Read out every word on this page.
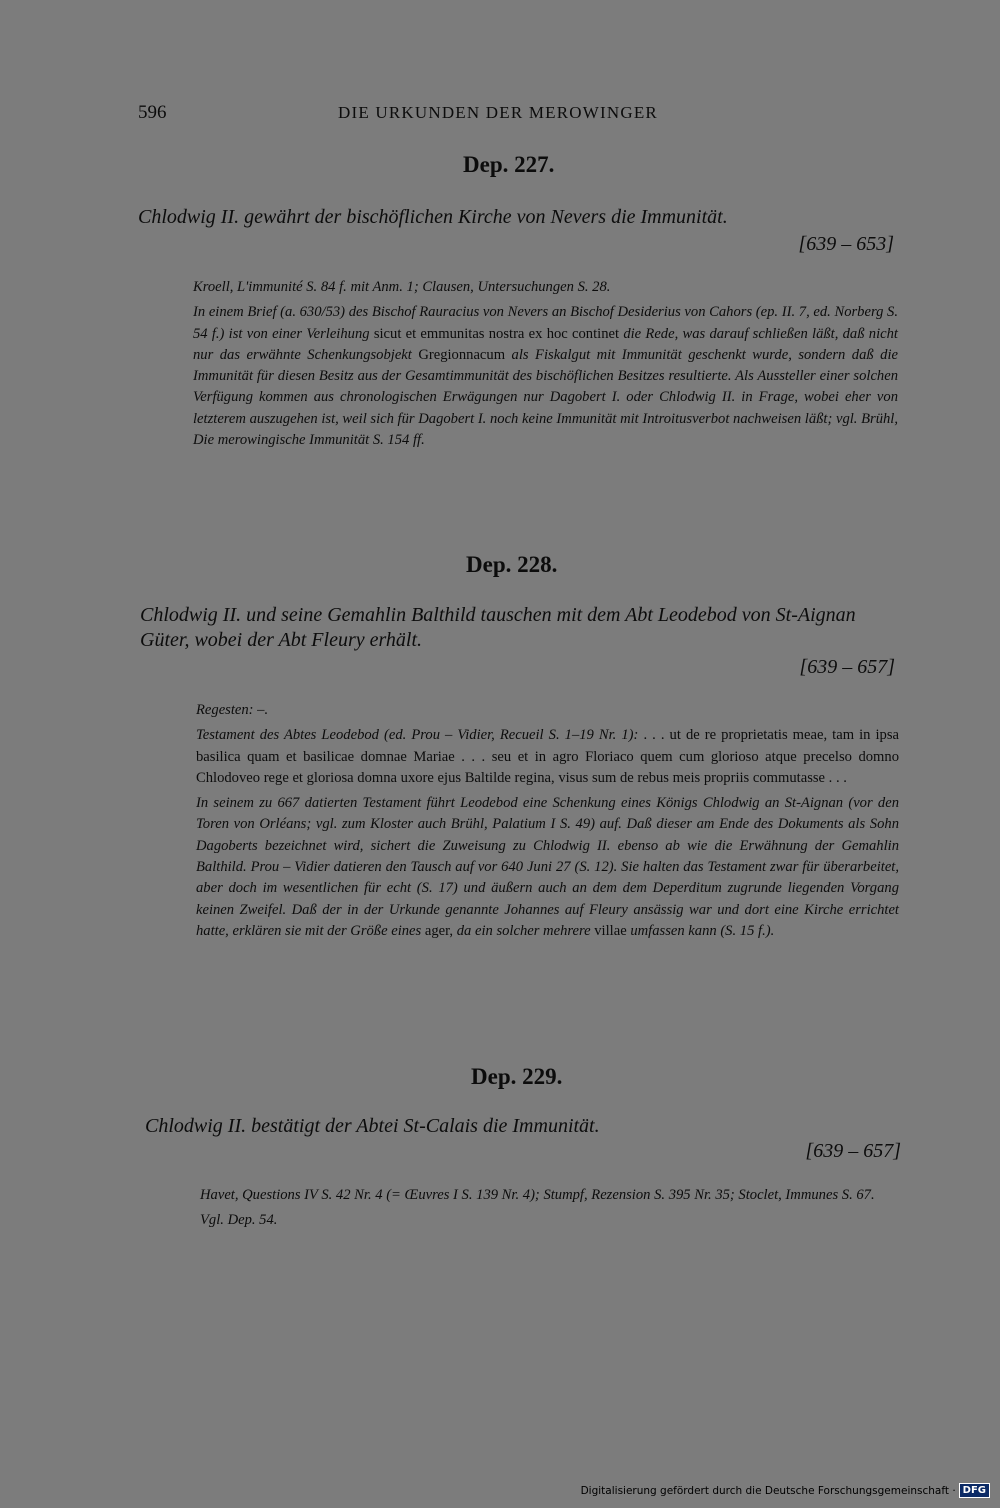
596	DIE URKUNDEN DER MEROWINGER
Dep. 227.
Chlodwig II. gewährt der bischöflichen Kirche von Nevers die Immunität.
[639 – 653]

Kroell, L'immunité S. 84 f. mit Anm. 1; Clausen, Untersuchungen S. 28.

In einem Brief (a. 630/53) des Bischof Rauracius von Nevers an Bischof Desiderius von Cahors (ep. II. 7, ed. Norberg S. 54 f.) ist von einer Verleihung sicut et emmunitas nostra ex hoc continet die Rede, was darauf schließen läßt, daß nicht nur das erwähnte Schenkungsobjekt Gregionnacum als Fiskalgut mit Immunität geschenkt wurde, sondern daß die Immunität für diesen Besitz aus der Gesamtimmunität des bischöflichen Besitzes resultierte. Als Aussteller einer solchen Verfügung kommen aus chronologischen Erwägungen nur Dagobert I. oder Chlodwig II. in Frage, wobei eher von letzterem auszugehen ist, weil sich für Dagobert I. noch keine Immunität mit Introitusverbot nachweisen läßt; vgl. Brühl, Die merowingische Immunität S. 154 ff.

Dep. 228.
Chlodwig II. und seine Gemahlin Balthild tauschen mit dem Abt Leodebod von St-Aignan Güter, wobei der Abt Fleury erhält.
[639 – 657]

Regesten: –.

Testament des Abtes Leodebod (ed. Prou – Vidier, Recueil S. 1–19 Nr. 1): . . . ut de re proprietatis meae, tam in ipsa basilica quam et basilicae domnae Mariae . . . seu et in agro Floriaco quem cum glorioso atque precelso domno Chlodoveo rege et gloriosa domna uxore ejus Baltilde regina, visus sum de rebus meis propriis commutasse . . .

In seinem zu 667 datierten Testament führt Leodebod eine Schenkung eines Königs Chlodwig an St-Aignan (vor den Toren von Orléans; vgl. zum Kloster auch Brühl, Palatium I S. 49) auf. Daß dieser am Ende des Dokuments als Sohn Dagoberts bezeichnet wird, sichert die Zuweisung zu Chlodwig II. ebenso ab wie die Erwähnung der Gemahlin Balthild. Prou – Vidier datieren den Tausch auf vor 640 Juni 27 (S. 12). Sie halten das Testament zwar für überarbeitet, aber doch im wesentlichen für echt (S. 17) und äußern auch an dem dem Deperditum zugrunde liegenden Vorgang keinen Zweifel. Daß der in der Urkunde genannte Johannes auf Fleury ansässig war und dort eine Kirche errichtet hatte, erklären sie mit der Größe eines ager, da ein solcher mehrere villae umfassen kann (S. 15 f.).

Dep. 229.
Chlodwig II. bestätigt der Abtei St-Calais die Immunität.
[639 – 657]

Havet, Questions IV S. 42 Nr. 4 (= Œuvres I S. 139 Nr. 4); Stumpf, Rezension S. 395 Nr. 35; Stoclet, Immunes S. 67.

Vgl. Dep. 54.

Digitalisierung gefördert durch die Deutsche Forschungsgemeinschaft · DFG
